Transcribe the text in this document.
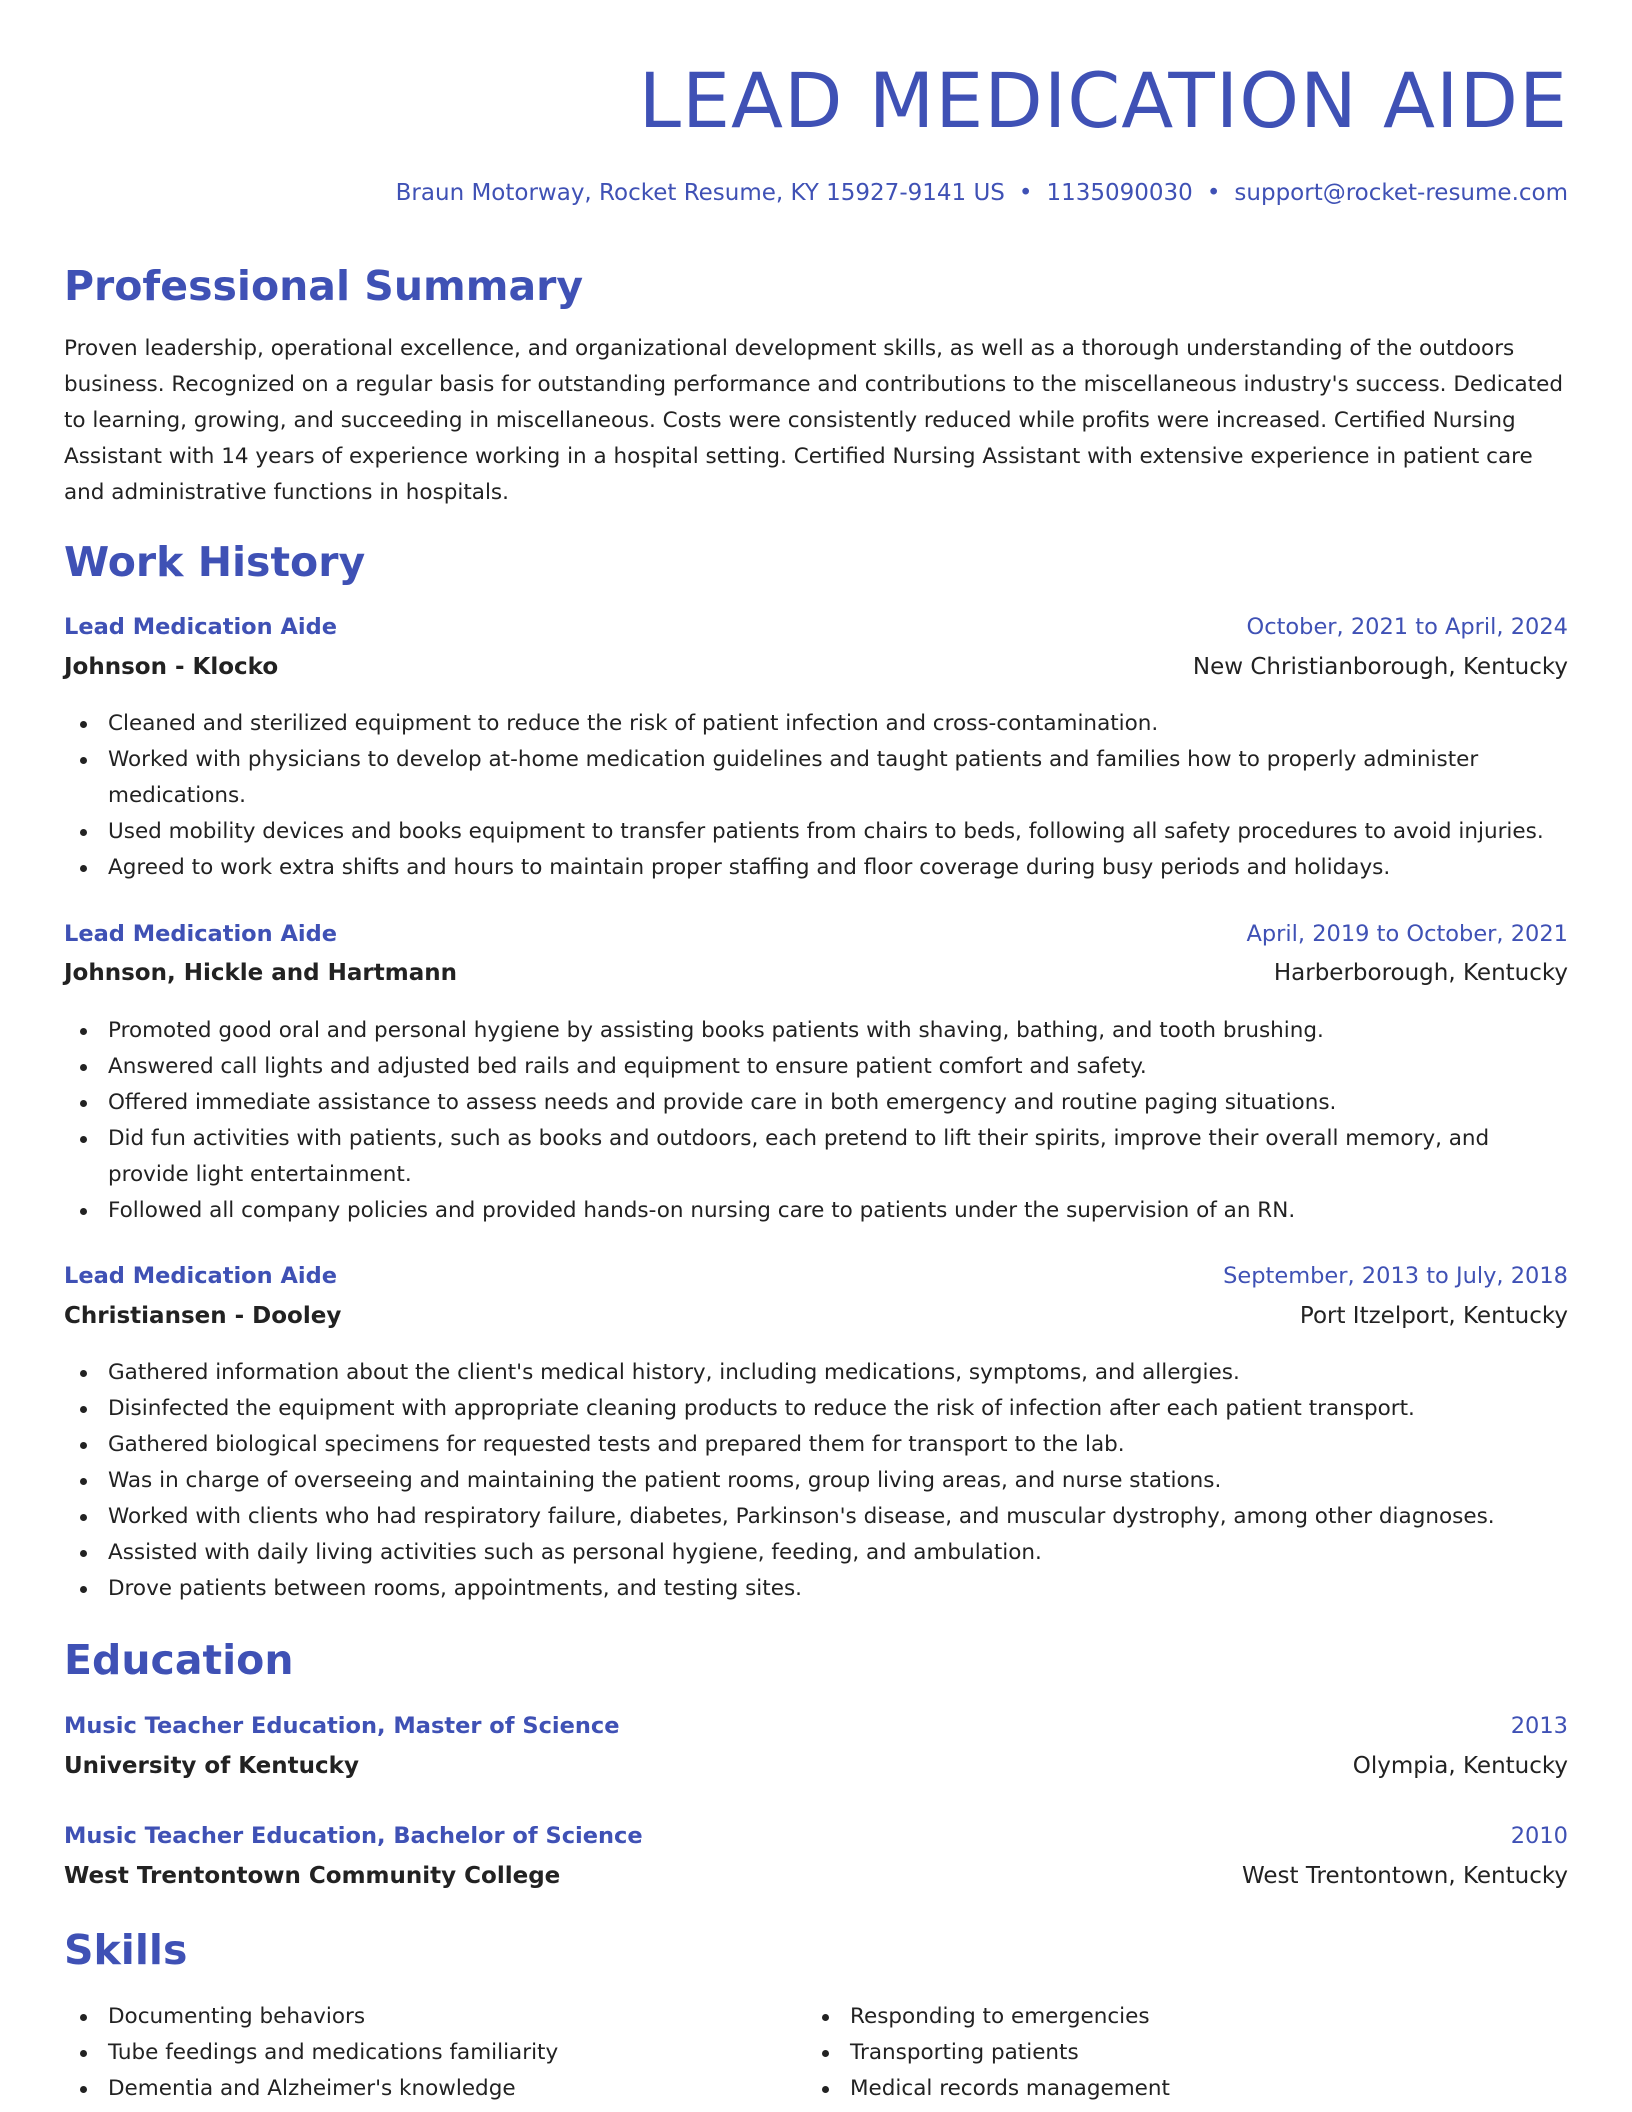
LEAD MEDICATION AIDE
Braun Motorway, Rocket Resume, KY 15927-9141 US • 1135090030 • support@rocket-resume.com
Professional Summary

Proven leadership, operational excellence, and organizational development skills, as well as a thorough understanding of the outdoors business. Recognized on a regular basis for outstanding performance and contributions to the miscellaneous industry's success. Dedicated to learning, growing, and succeeding in miscellaneous. Costs were consistently reduced while profits were increased. Certified Nursing Assistant with 14 years of experience working in a hospital setting. Certified Nursing Assistant with extensive experience in patient care and administrative functions in hospitals.

Work History
Lead Medication Aide	October, 2021 to April, 2024
Johnson - Klocko	New Christianborough, Kentucky
Cleaned and sterilized equipment to reduce the risk of patient infection and cross-contamination.
Worked with physicians to develop at-home medication guidelines and taught patients and families how to properly administer medications.
Used mobility devices and books equipment to transfer patients from chairs to beds, following all safety procedures to avoid injuries.
Agreed to work extra shifts and hours to maintain proper staffing and floor coverage during busy periods and holidays.
Lead Medication Aide	April, 2019 to October, 2021
Johnson, Hickle and Hartmann	Harberborough, Kentucky
Promoted good oral and personal hygiene by assisting books patients with shaving, bathing, and tooth brushing.
Answered call lights and adjusted bed rails and equipment to ensure patient comfort and safety.
Offered immediate assistance to assess needs and provide care in both emergency and routine paging situations.
Did fun activities with patients, such as books and outdoors, each pretend to lift their spirits, improve their overall memory, and provide light entertainment.
Followed all company policies and provided hands-on nursing care to patients under the supervision of an RN.
Lead Medication Aide	September, 2013 to July, 2018
Christiansen - Dooley	Port Itzelport, Kentucky
Gathered information about the client's medical history, including medications, symptoms, and allergies.
Disinfected the equipment with appropriate cleaning products to reduce the risk of infection after each patient transport.
Gathered biological specimens for requested tests and prepared them for transport to the lab.
Was in charge of overseeing and maintaining the patient rooms, group living areas, and nurse stations.
Worked with clients who had respiratory failure, diabetes, Parkinson's disease, and muscular dystrophy, among other diagnoses.
Assisted with daily living activities such as personal hygiene, feeding, and ambulation.
Drove patients between rooms, appointments, and testing sites.
Education
Music Teacher Education, Master of Science	2013
University of Kentucky	Olympia, Kentucky
Music Teacher Education, Bachelor of Science	2010
West Trentontown Community College	West Trentontown, Kentucky
Skills
Documenting behaviors
Tube feedings and medications familiarity
Dementia and Alzheimer's knowledge
Responding to emergencies
Transporting patients
Medical records management
